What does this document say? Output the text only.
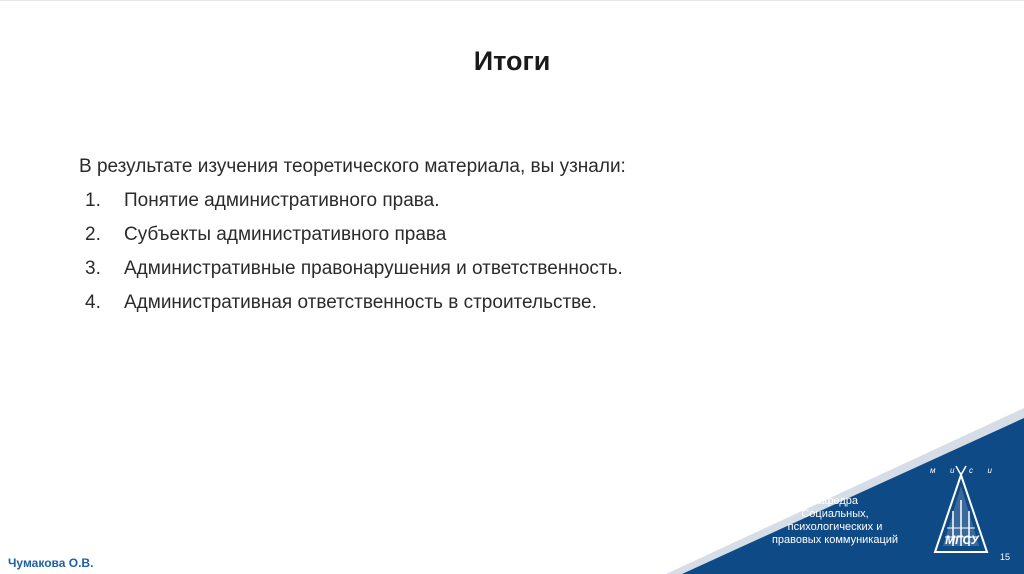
Итоги
В результате изучения теоретического материала, вы узнали:
1.	Понятие административного права.
2.	Субъекты административного права
3.	Административные правонарушения и ответственность.
4.	Административная ответственность в строительстве.
м и с и
МГСУ
Кафедра
Социальных,
психологических и
правовых коммуникаций
15
Чумакова О.В.
